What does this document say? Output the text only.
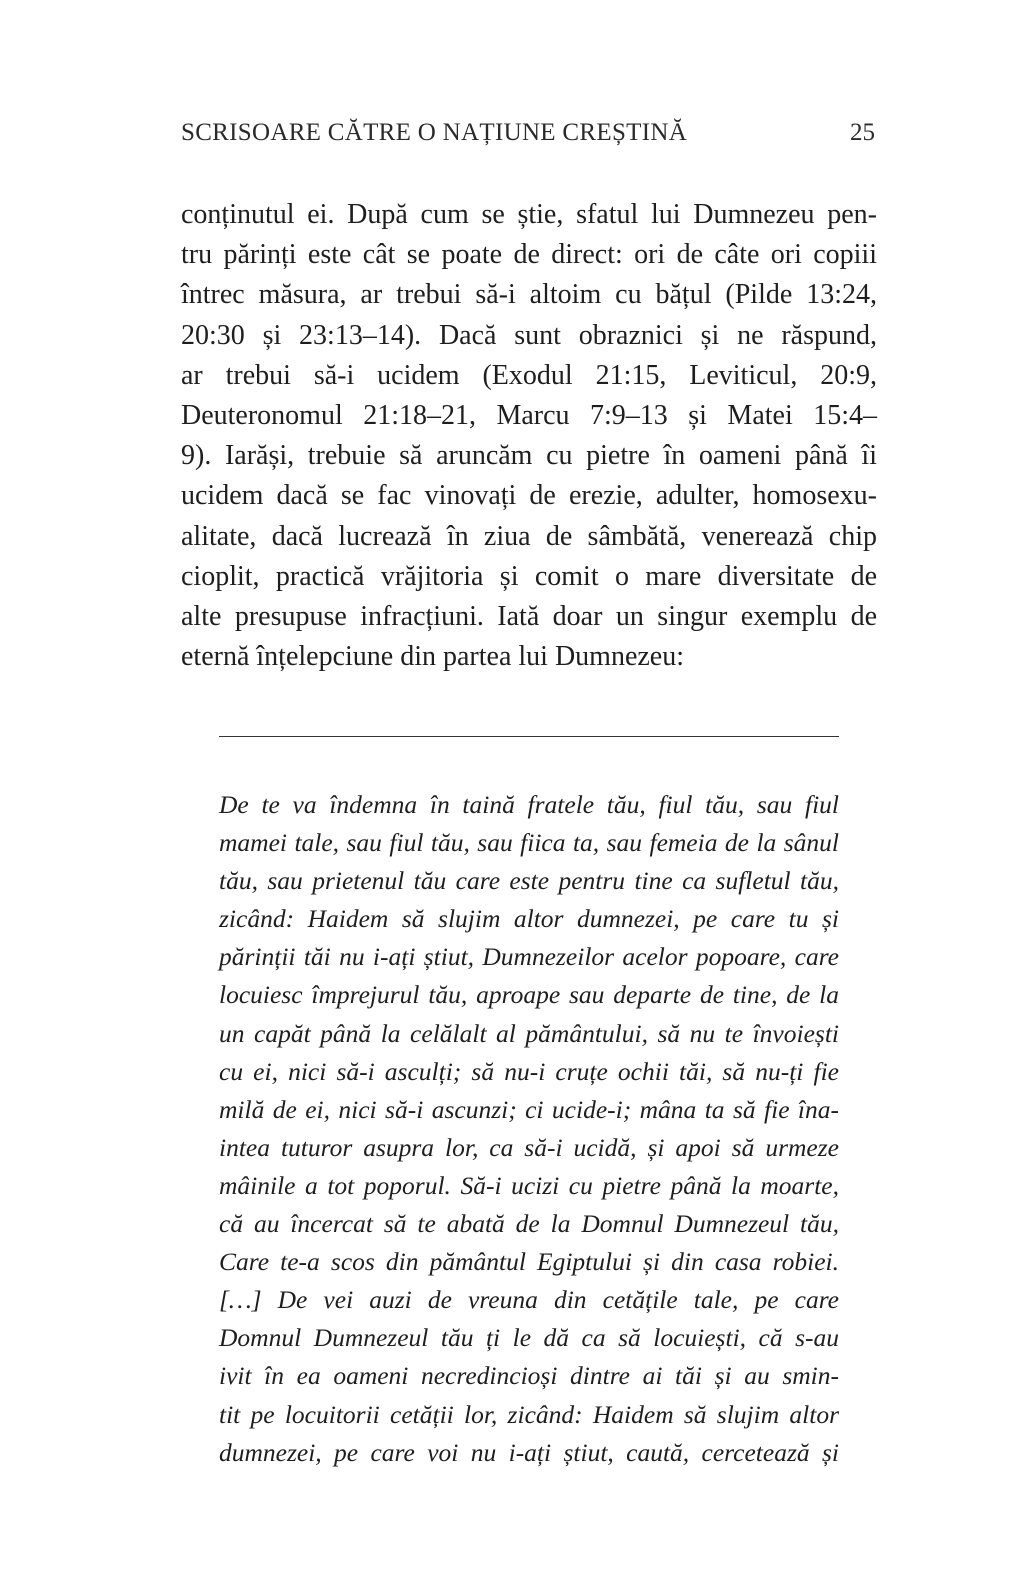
SCRISOARE CĂTRE O NAȚIUNE CREȘTINĂ	25
conținutul ei. După cum se știe, sfatul lui Dumnezeu pen-
tru părinți este cât se poate de direct: ori de câte ori copiii
întrec măsura, ar trebui să-i altoim cu bățul (Pilde 13:24,
20:30 și 23:13–14). Dacă sunt obraznici și ne răspund,
ar trebui să-i ucidem (Exodul 21:15, Leviticul, 20:9,
Deuteronomul 21:18–21, Marcu 7:9–13 și Matei 15:4–
9). Iarăși, trebuie să aruncăm cu pietre în oameni până îi
ucidem dacă se fac vinovați de erezie, adulter, homosexu-
alitate, dacă lucrează în ziua de sâmbătă, venerează chip
cioplit, practică vrăjitoria și comit o mare diversitate de
alte presupuse infracțiuni. Iată doar un singur exemplu de
eternă înțelepciune din partea lui Dumnezeu:
De te va îndemna în taină fratele tău, fiul tău, sau fiul
mamei tale, sau fiul tău, sau fiica ta, sau femeia de la sânul
tău, sau prietenul tău care este pentru tine ca sufletul tău,
zicând: Haidem să slujim altor dumnezei, pe care tu și
părinții tăi nu i-ați știut, Dumnezeilor acelor popoare, care
locuiesc împrejurul tău, aproape sau departe de tine, de la
un capăt până la celălalt al pământului, să nu te învoiești
cu ei, nici să-i asculți; să nu-i cruțe ochii tăi, să nu-ți fie
milă de ei, nici să-i ascunzi; ci ucide-i; mâna ta să fie îna-
intea tuturor asupra lor, ca să-i ucidă, și apoi să urmeze
mâinile a tot poporul. Să-i ucizi cu pietre până la moarte,
că au încercat să te abată de la Domnul Dumnezeul tău,
Care te-a scos din pământul Egiptului și din casa robiei.
[…] De vei auzi de vreuna din cetățile tale, pe care
Domnul Dumnezeul tău ți le dă ca să locuiești, că s-au
ivit în ea oameni necredincioși dintre ai tăi și au smin-
tit pe locuitorii cetății lor, zicând: Haidem să slujim altor
dumnezei, pe care voi nu i-ați știut, caută, cercetează și
